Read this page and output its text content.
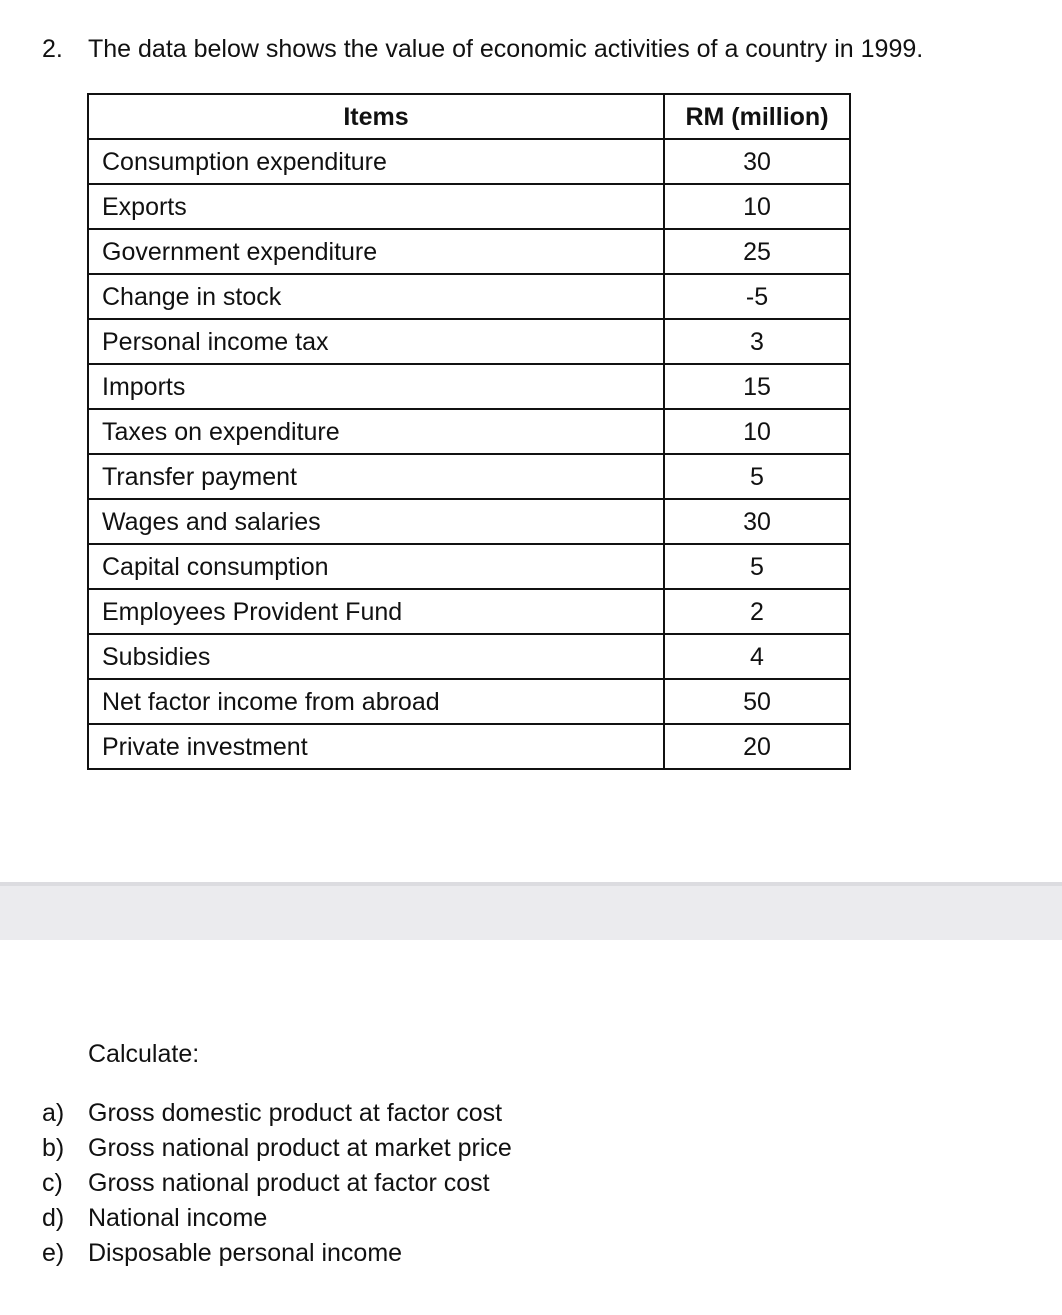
2. The data below shows the value of economic activities of a country in 1999.
Items	RM (million)
Consumption expenditure	30
Exports	10
Government expenditure	25
Change in stock	-5
Personal income tax	3
Imports	15
Taxes on expenditure	10
Transfer payment	5
Wages and salaries	30
Capital consumption	5
Employees Provident Fund	2
Subsidies	4
Net factor income from abroad	50
Private investment	20
Calculate:
a) Gross domestic product at factor cost
b) Gross national product at market price
c)	Gross national product at factor cost
d) National income
e) Disposable personal income
